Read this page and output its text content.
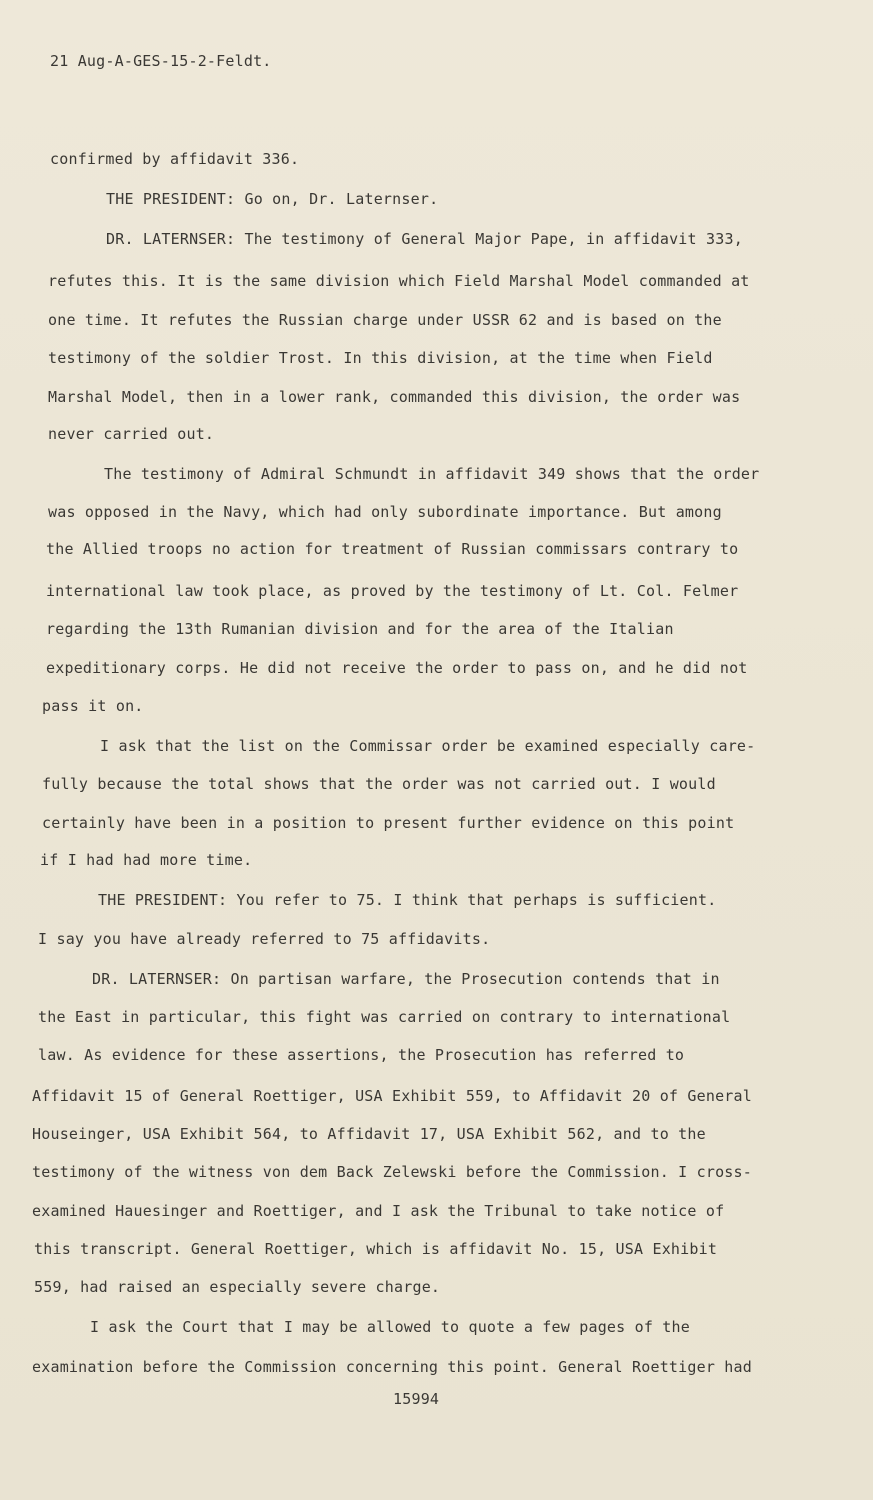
21 Aug-A-GES-15-2-Feldt.
confirmed by affidavit 336.
THE PRESIDENT: Go on, Dr. Laternser.
DR. LATERNSER: The testimony of General Major Pape, in affidavit 333,
refutes this. It is the same division which Field Marshal Model commanded at
one time. It refutes the Russian charge under USSR 62 and is based on the
testimony of the soldier Trost. In this division, at the time when Field
Marshal Model, then in a lower rank, commanded this division, the order was
never carried out.
The testimony of Admiral Schmundt in affidavit 349 shows that the order
was opposed in the Navy, which had only subordinate importance. But among
the Allied troops no action for treatment of Russian commissars contrary to
international law took place, as proved by the testimony of Lt. Col. Felmer
regarding the 13th Rumanian division and for the area of the Italian
expeditionary corps. He did not receive the order to pass on, and he did not
pass it on.
I ask that the list on the Commissar order be examined especially care-
fully because the total shows that the order was not carried out. I would
certainly have been in a position to present further evidence on this point
if I had had more time.
THE PRESIDENT: You refer to 75. I think that perhaps is sufficient.
I say you have already referred to 75 affidavits.
DR. LATERNSER: On partisan warfare, the Prosecution contends that in
the East in particular, this fight was carried on contrary to international
law. As evidence for these assertions, the Prosecution has referred to
Affidavit 15 of General Roettiger, USA Exhibit 559, to Affidavit 20 of General
Houseinger, USA Exhibit 564, to Affidavit 17, USA Exhibit 562, and to the
testimony of the witness von dem Back Zelewski before the Commission. I cross-
examined Hauesinger and Roettiger, and I ask the Tribunal to take notice of
this transcript. General Roettiger, which is affidavit No. 15, USA Exhibit
559, had raised an especially severe charge.
I ask the Court that I may be allowed to quote a few pages of the
examination before the Commission concerning this point. General Roettiger had
15994
